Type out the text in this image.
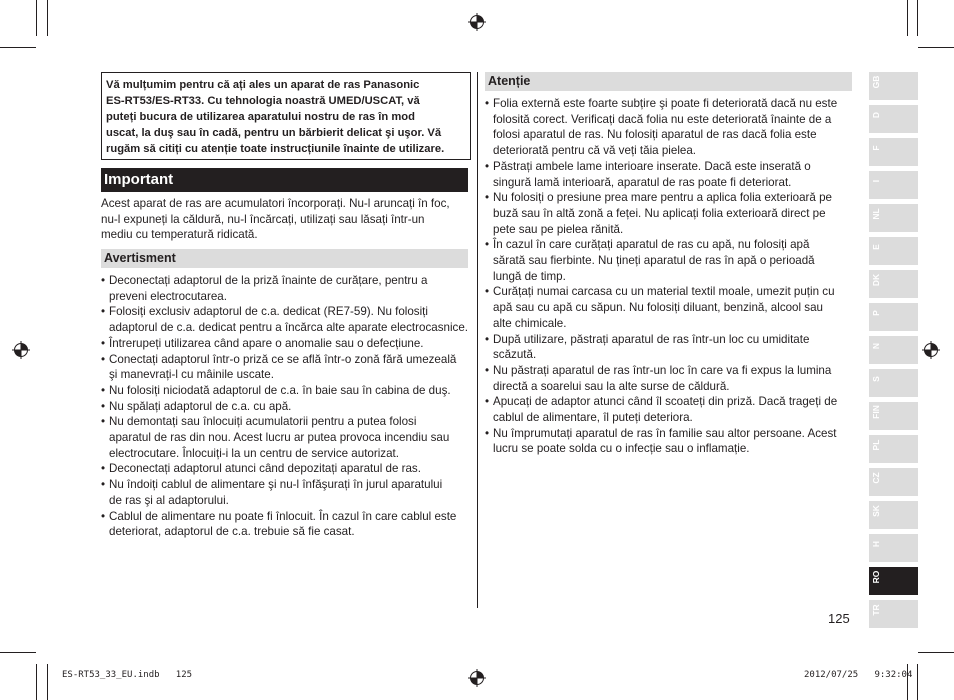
Vă mulțumim pentru că ați ales un aparat de ras Panasonic
ES-RT53/ES-RT33. Cu tehnologia noastră UMED/USCAT, vă
puteți bucura de utilizarea aparatului nostru de ras în mod
uscat, la duş sau în cadă, pentru un bărbierit delicat şi uşor. Vă
rugăm să citiți cu atenție toate instrucțiunile înainte de utilizare.
Important
Acest aparat de ras are acumulatori încorporați. Nu-l aruncați în foc,
nu-l expuneți la căldură, nu-l încărcați, utilizați sau lăsați într-un
mediu cu temperatură ridicată.
Avertisment
• Deconectați adaptorul de la priză înainte de curățare, pentru a
preveni electrocutarea.
• Folosiți exclusiv adaptorul de c.a. dedicat (RE7-59). Nu folosiți
adaptorul de c.a. dedicat pentru a încărca alte aparate electrocasnice.
• Întrerupeți utilizarea când apare o anomalie sau o defecțiune.
• Conectați adaptorul într-o priză ce se află într-o zonă fără umezeală
şi manevrați-l cu mâinile uscate.
• Nu folosiți niciodată adaptorul de c.a. în baie sau în cabina de duş.
• Nu spălați adaptorul de c.a. cu apă.
• Nu demontați sau înlocuiți acumulatorii pentru a putea folosi
aparatul de ras din nou. Acest lucru ar putea provoca incendiu sau
electrocutare. Înlocuiți-i la un centru de service autorizat.
• Deconectați adaptorul atunci când depozitați aparatul de ras.
• Nu îndoiți cablul de alimentare şi nu-l înfăşurați în jurul aparatului
de ras şi al adaptorului.
• Cablul de alimentare nu poate fi înlocuit. În cazul în care cablul este
deteriorat, adaptorul de c.a. trebuie să fie casat.
Atenție
• Folia externă este foarte subțire şi poate fi deteriorată dacă nu este
folosită corect. Verificați dacă folia nu este deteriorată înainte de a
folosi aparatul de ras. Nu folosiți aparatul de ras dacă folia este
deteriorată pentru că vă veți tăia pielea.
• Păstrați ambele lame interioare inserate. Dacă este inserată o
singură lamă interioară, aparatul de ras poate fi deteriorat.
• Nu folosiți o presiune prea mare pentru a aplica folia exterioară pe
buză sau în altă zonă a feței. Nu aplicați folia exterioară direct pe
pete sau pe pielea rănită.
• În cazul în care curățați aparatul de ras cu apă, nu folosiți apă
sărată sau fierbinte. Nu țineți aparatul de ras în apă o perioadă
lungă de timp.
• Curățați numai carcasa cu un material textil moale, umezit puțin cu
apă sau cu apă cu săpun. Nu folosiți diluant, benzină, alcool sau
alte chimicale.
• După utilizare, păstrați aparatul de ras într-un loc cu umiditate
scăzută.
• Nu păstrați aparatul de ras într-un loc în care va fi expus la lumina
directă a soarelui sau la alte surse de căldură.
• Apucați de adaptor atunci când îl scoateți din priză. Dacă trageți de
cablul de alimentare, îl puteți deteriora.
• Nu împrumutați aparatul de ras în familie sau altor persoane. Acest
lucru se poate solda cu o infecție sau o inflamație.
GB
D
F
I
NL
E
DK
P
N
S
FIN
PL
CZ
SK
H
RO
TR
125
ES-RT53_33_EU.indb   125	2012/07/25   9:32:04
